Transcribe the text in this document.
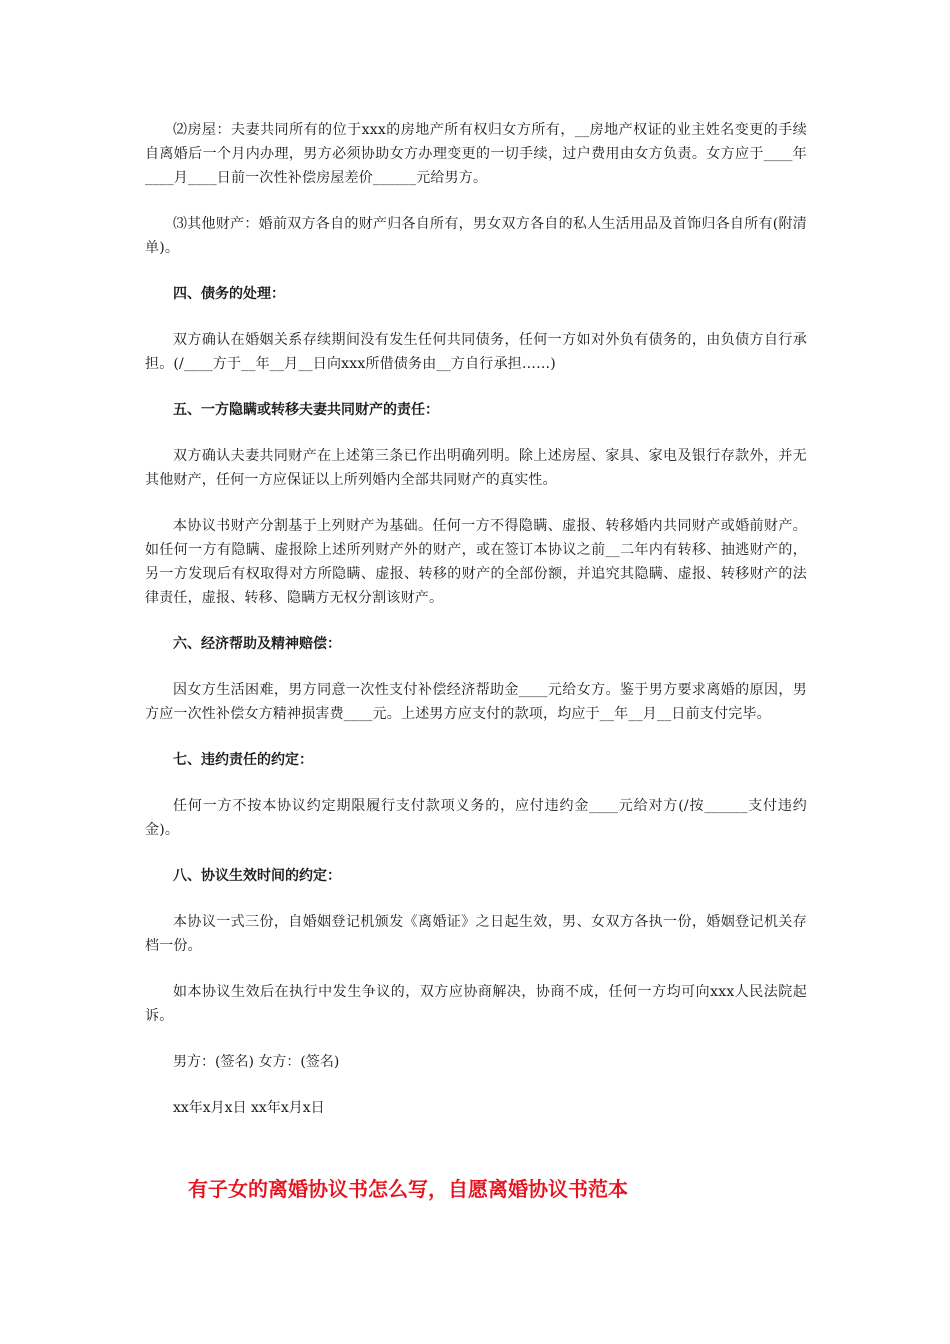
⑵房屋：夫妻共同所有的位于xxx的房地产所有权归女方所有，__房地产权证的业主姓名变更的手续自离婚后一个月内办理，男方必须协助女方办理变更的一切手续，过户费用由女方负责。女方应于____年____月____日前一次性补偿房屋差价______元给男方。

⑶其他财产：婚前双方各自的财产归各自所有，男女双方各自的私人生活用品及首饰归各自所有(附清单)。

四、债务的处理：

双方确认在婚姻关系存续期间没有发生任何共同债务，任何一方如对外负有债务的，由负债方自行承担。(/____方于__年__月__日向xxx所借债务由__方自行承担……)

五、一方隐瞒或转移夫妻共同财产的责任：

双方确认夫妻共同财产在上述第三条已作出明确列明。除上述房屋、家具、家电及银行存款外，并无其他财产，任何一方应保证以上所列婚内全部共同财产的真实性。

本协议书财产分割基于上列财产为基础。任何一方不得隐瞒、虚报、转移婚内共同财产或婚前财产。如任何一方有隐瞒、虚报除上述所列财产外的财产，或在签订本协议之前__二年内有转移、抽逃财产的，另一方发现后有权取得对方所隐瞒、虚报、转移的财产的全部份额，并追究其隐瞒、虚报、转移财产的法律责任，虚报、转移、隐瞒方无权分割该财产。

六、经济帮助及精神赔偿：

因女方生活困难，男方同意一次性支付补偿经济帮助金____元给女方。鉴于男方要求离婚的原因，男方应一次性补偿女方精神损害费____元。上述男方应支付的款项，均应于__年__月__日前支付完毕。

七、违约责任的约定：

任何一方不按本协议约定期限履行支付款项义务的，应付违约金____元给对方(/按______支付违约金)。

八、协议生效时间的约定：

本协议一式三份，自婚姻登记机颁发《离婚证》之日起生效，男、女双方各执一份，婚姻登记机关存档一份。

如本协议生效后在执行中发生争议的，双方应协商解决，协商不成，任何一方均可向xxx人民法院起诉。

男方：(签名) 女方：(签名)

xx年x月x日 xx年x月x日

有子女的离婚协议书怎么写，自愿离婚协议书范本
